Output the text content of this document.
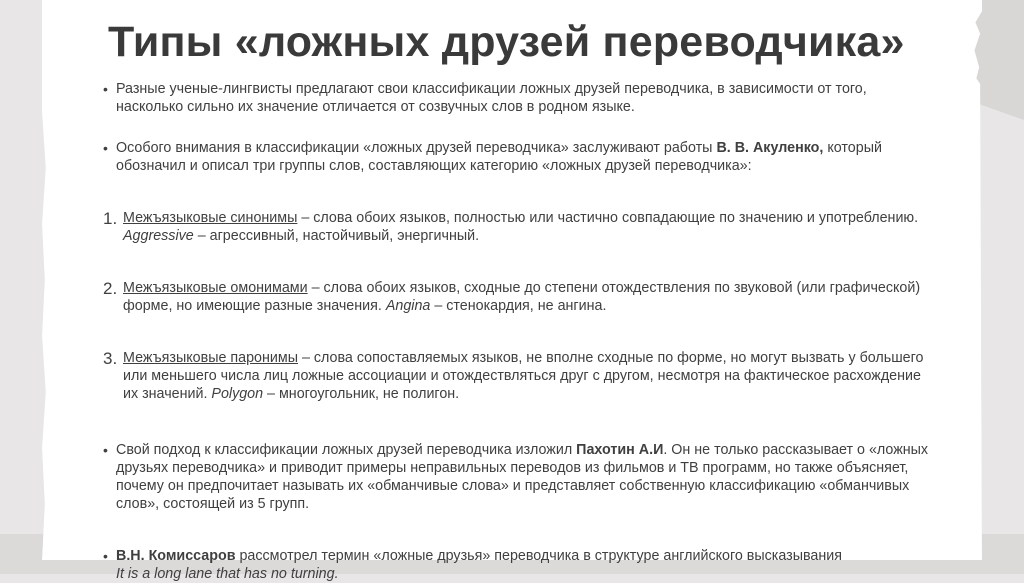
Типы «ложных друзей переводчика»
• Разные ученые-лингвисты предлагают свои классификации ложных друзей переводчика, в зависимости от того, насколько сильно их значение отличается от созвучных слов в родном языке.
• Особого внимания в классификации «ложных друзей переводчика» заслуживают работы В. В. Акуленко, который обозначил и описал три группы слов, составляющих категорию «ложных друзей переводчика»:
1. Межъязыковые синонимы – слова обоих языков, полностью или частично совпадающие по значению и употреблению. Aggressive – агрессивный, настойчивый, энергичный.
2. Межъязыковые омонимами – слова обоих языков, сходные до степени отождествления по звуковой (или графической) форме, но имеющие разные значения. Angina – стенокардия, не ангина.
3. Межъязыковые паронимы – слова сопоставляемых языков, не вполне сходные по форме, но могут вызвать у большего или меньшего числа лиц ложные ассоциации и отождествляться друг с другом, несмотря на фактическое расхождение их значений. Polygon – многоугольник, не полигон.
• Свой подход к классификации ложных друзей переводчика изложил Пахотин А.И. Он не только рассказывает о «ложных друзьях переводчика» и приводит примеры неправильных переводов из фильмов и ТВ программ, но также объясняет, почему он предпочитает называть их «обманчивые слова» и представляет собственную классификацию «обманчивых слов», состоящей из 5 групп.
• В.Н. Комиссаров рассмотрел термин «ложные друзья» переводчика в структуре английского высказывания
It is a long lane that has no turning.
